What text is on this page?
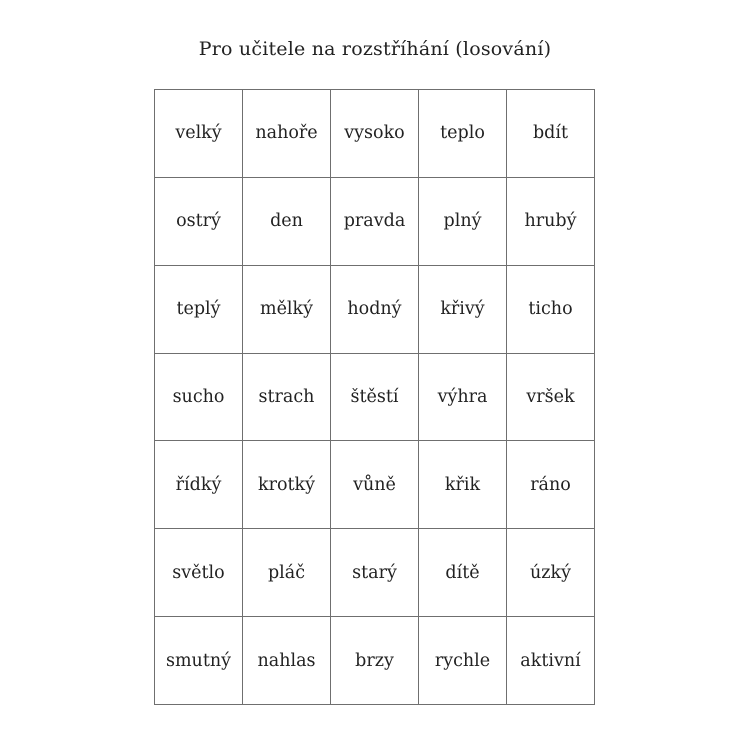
Pro učitele na rozstříhání (losování)
velký	nahoře	vysoko	teplo	bdít
ostrý	den	pravda	plný	hrubý
teplý	mělký	hodný	křivý	ticho
sucho	strach	štěstí	výhra	vršek
řídký	krotký	vůně	křik	ráno
světlo	pláč	starý	dítě	úzký
smutný	nahlas	brzy	rychle	aktivní
